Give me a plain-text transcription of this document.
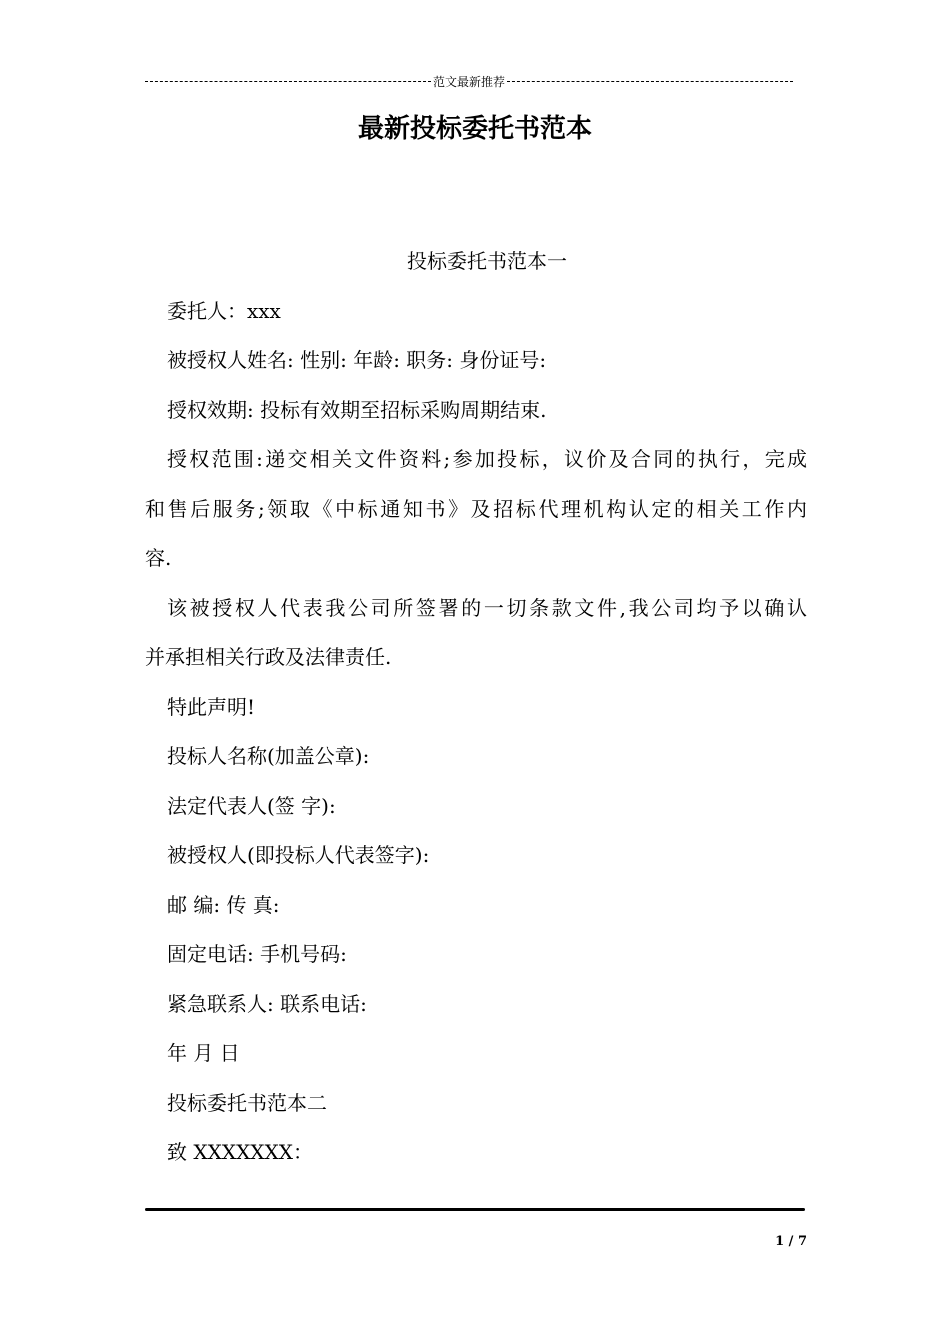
范文最新推荐
最新投标委托书范本
投标委托书范本一
委托人：xxx
被授权人姓名: 性别: 年龄: 职务: 身份证号:
授权效期: 投标有效期至招标采购周期结束.
授权范围:递交相关文件资料;参加投标，议价及合同的执行，完成
和售后服务;领取《中标通知书》及招标代理机构认定的相关工作内
容.
该被授权人代表我公司所签署的一切条款文件,我公司均予以确认
并承担相关行政及法律责任.
特此声明!
投标人名称(加盖公章):
法定代表人(签 字):
被授权人(即投标人代表签字):
邮 编: 传 真:
固定电话: 手机号码:
紧急联系人: 联系电话:
年 月 日
投标委托书范本二
致 XXXXXXX：
1 / 7
